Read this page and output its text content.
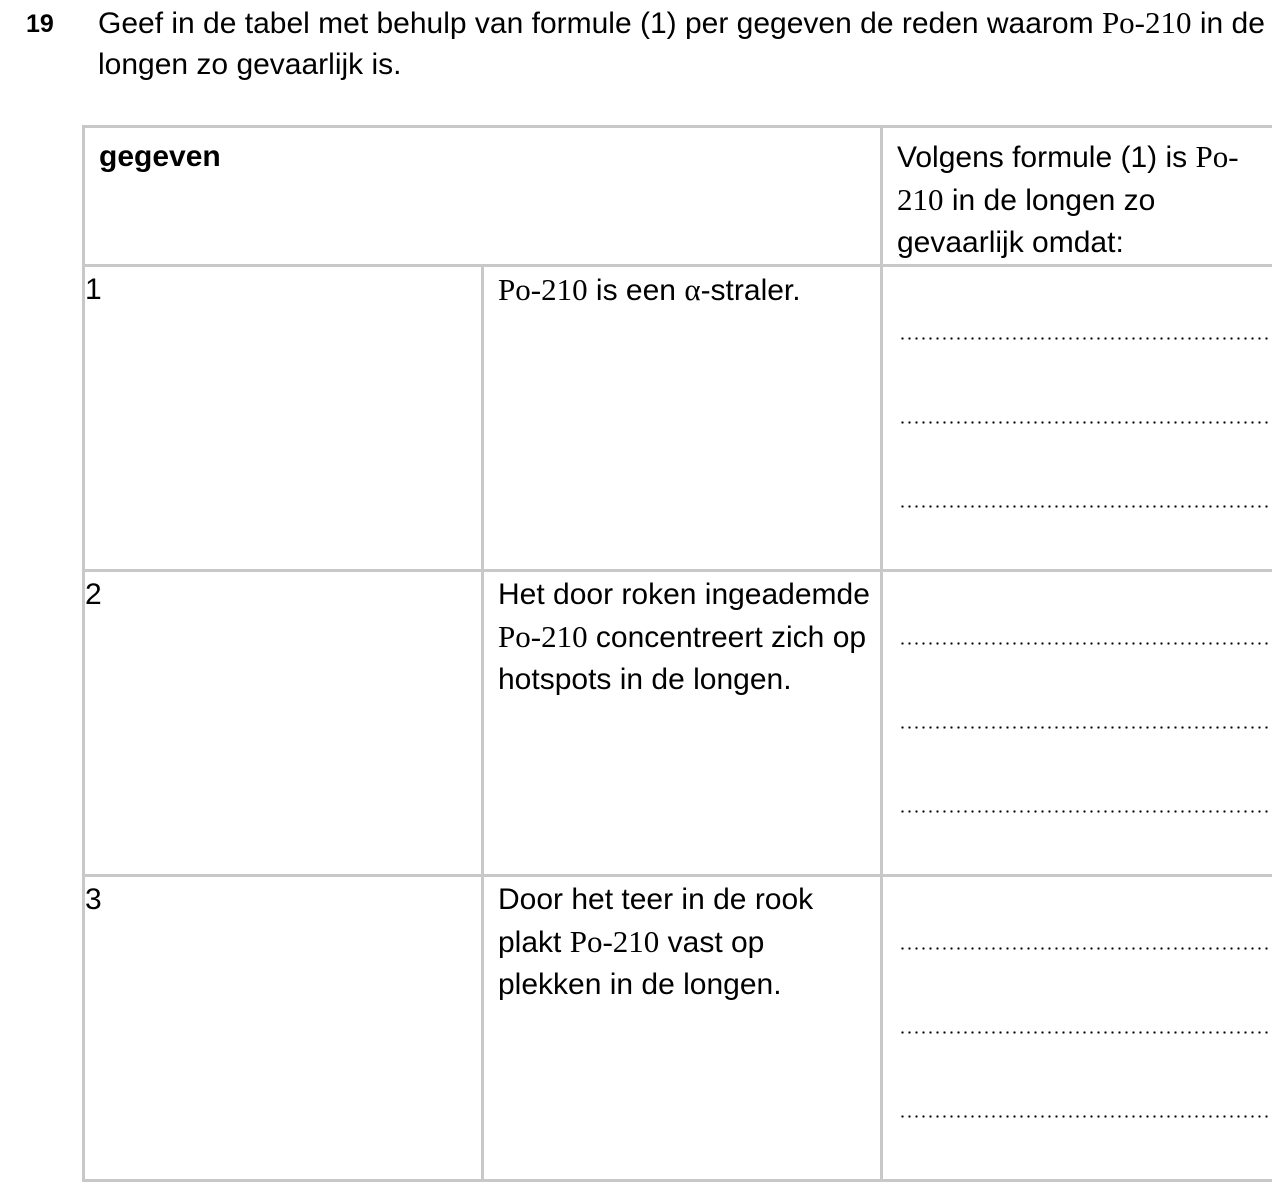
19 Geef in de tabel met behulp van formule (1) per gegeven de reden waarom Po-210 in de longen zo gevaarlijk is.
gegeven		Volgens formule (1) is Po-210 in de longen zo gevaarlijk omdat:
1	Po-210 is een α-straler.	

2	Het door roken ingeademde Po-210 concentreert zich op hotspots in de longen.	

3	Door het teer in de rook plakt Po-210 vast op plekken in de longen.	
